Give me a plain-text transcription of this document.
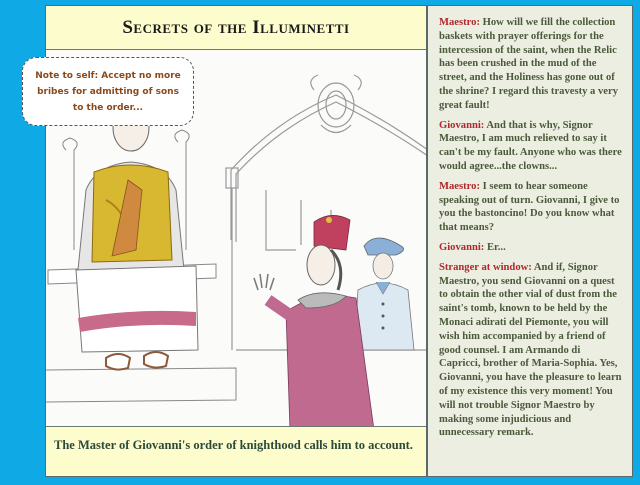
Secrets of the Illuminetti
The Master of Giovanni's order of knighthood calls him to account.
Note to self: Accept no more bribes for admitting of sons to the order...

Maestro: How will we fill the collection baskets with prayer offerings for the intercession of the saint, when the Relic has been crushed in the mud of the street, and the Holiness has gone out of the shrine? I regard this travesty a very great fault!

Giovanni: And that is why, Signor Maestro, I am much relieved to say it can't be my fault. Anyone who was there would agree...the clowns...

Maestro: I seem to hear someone speaking out of turn. Giovanni, I give to you the bastoncino! Do you know what that means?

Giovanni: Er...

Stranger at window: And if, Signor Maestro, you send Giovanni on a quest to obtain the other vial of dust from the saint's tomb, known to be held by the Monaci adirati del Piemonte, you will wish him accompanied by a friend of good counsel. I am Armando di Capricci, brother of Maria-Sophia. Yes, Giovanni, you have the pleasure to learn of my existence this very moment! You will not trouble Signor Maestro by making some injudicious and unnecessary remark.
